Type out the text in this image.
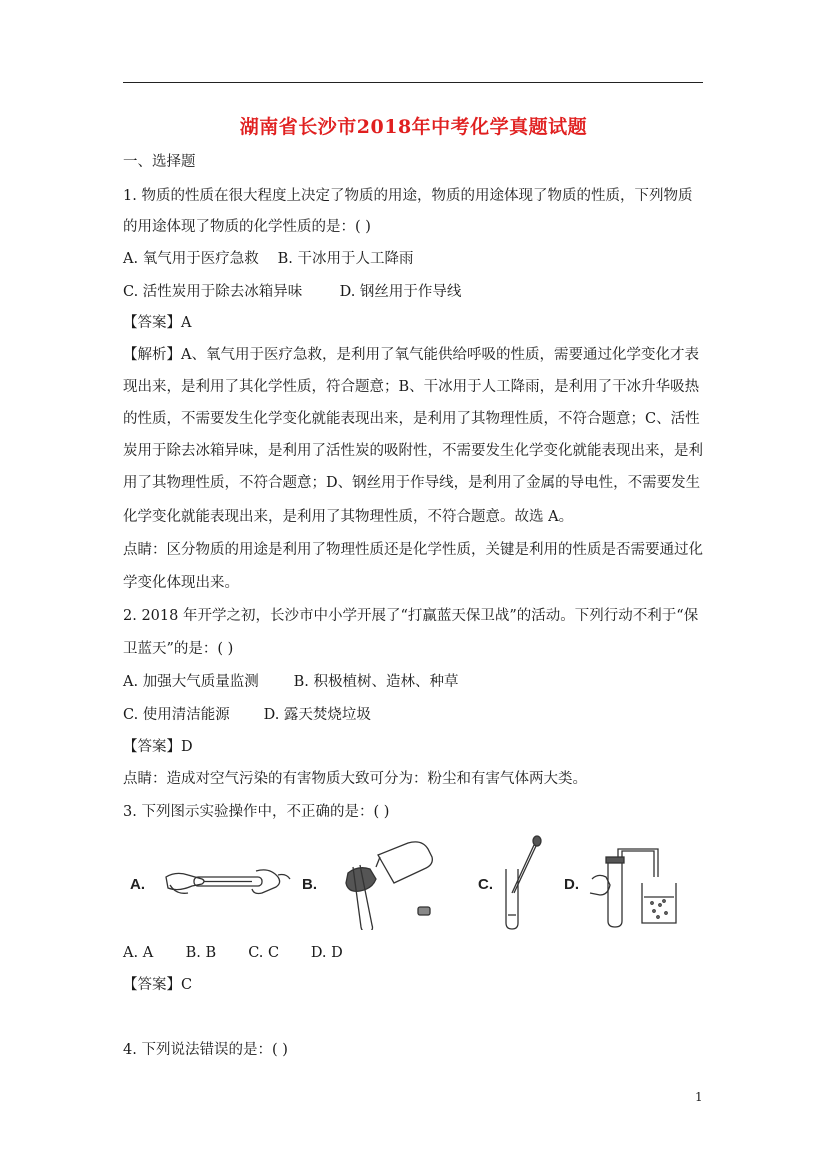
湖南省长沙市2018年中考化学真题试题
一、选择题
1. 物质的性质在很大程度上决定了物质的用途，物质的用途体现了物质的性质，下列物质
的用途体现了物质的化学性质的是：( )
A. 氧气用于医疗急救 B. 干冰用于人工降雨
C. 活性炭用于除去冰箱异味	D. 钢丝用于作导线
【答案】A
【解析】A、氧气用于医疗急救，是利用了氧气能供给呼吸的性质，需要通过化学变化才表
现出来，是利用了其化学性质，符合题意；B、干冰用于人工降雨，是利用了干冰升华吸热
的性质，不需要发生化学变化就能表现出来，是利用了其物理性质，不符合题意；C、活性
炭用于除去冰箱异味，是利用了活性炭的吸附性，不需要发生化学变化就能表现出来，是利
用了其物理性质，不符合题意；D、钢丝用于作导线，是利用了金属的导电性，不需要发生
化学变化就能表现出来，是利用了其物理性质，不符合题意。故选 A。
点睛：区分物质的用途是利用了物理性质还是化学性质，关键是利用的性质是否需要通过化
学变化体现出来。
2. 2018 年开学之初，长沙市中小学开展了“打赢蓝天保卫战”的活动。下列行动不利于“保
卫蓝天”的是：( )
A. 加强大气质量监测 B. 积极植树、造林、种草
C. 使用清洁能源 D. 露天焚烧垃圾
【答案】D
点睛：造成对空气污染的有害物质大致可分为：粉尘和有害气体两大类。
3. 下列图示实验操作中，不正确的是：( )
A.	B.	C.	D.
A. A B. B C. C D. D
【答案】C
4. 下列说法错误的是：( )
1
